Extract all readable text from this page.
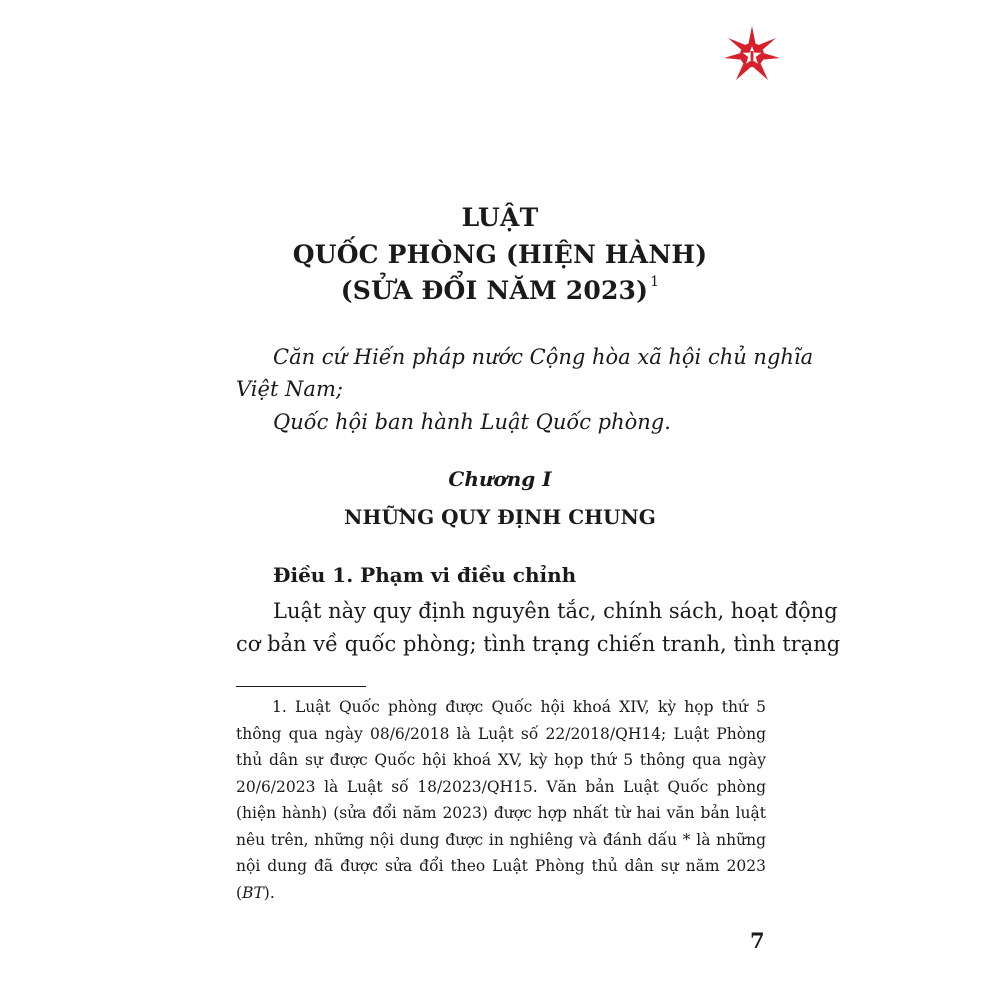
LUẬT
QUỐC PHÒNG (HIỆN HÀNH)
(SỬA ĐỔI NĂM 2023) $^1$
Căn cứ Hiến pháp nước Cộng hòa xã hội chủ nghĩa
Việt Nam;
Quốc hội ban hành Luật Quốc phòng.
Chương I
NHỮNG QUY ĐỊNH CHUNG
Điều 1. Phạm vi điều chỉnh
Luật này quy định nguyên tắc, chính sách, hoạt động
cơ bản về quốc phòng; tình trạng chiến tranh, tình trạng
1. Luật Quốc phòng được Quốc hội khoá XIV, kỳ họp thứ 5 thông qua ngày 08/6/2018 là Luật số 22/2018/QH14; Luật Phòng thủ dân sự được Quốc hội khoá XV, kỳ họp thứ 5 thông qua ngày 20/6/2023 là Luật số 18/2023/QH15. Văn bản Luật Quốc phòng (hiện hành) (sửa đổi năm 2023) được hợp nhất từ hai văn bản luật nêu trên, những nội dung được in nghiêng và đánh dấu * là những nội dung đã được sửa đổi theo Luật Phòng thủ dân sự năm 2023 (BT).
7
